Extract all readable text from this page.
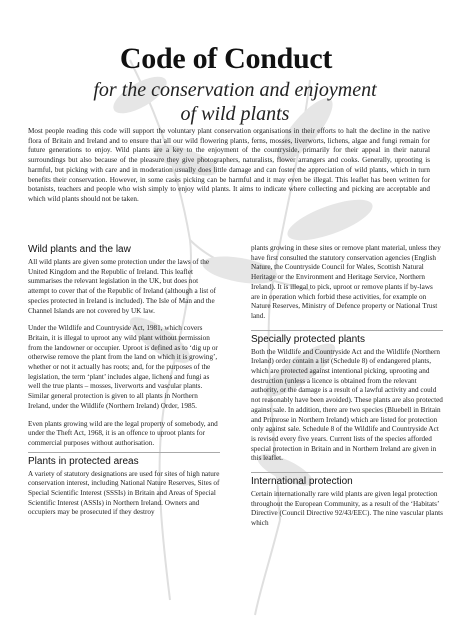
Code of Conduct
for the conservation and enjoyment
of wild plants
Most people reading this code will support the voluntary plant conservation organisations in their efforts to halt the decline in the native flora of Britain and Ireland and to ensure that all our wild flowering plants, ferns, mosses, liverworts, lichens, algae and fungi remain for future generations to enjoy. Wild plants are a key to the enjoyment of the countryside, primarily for their appeal in their natural surroundings but also because of the pleasure they give photographers, naturalists, flower arrangers and cooks. Generally, uprooting is harmful, but picking with care and in moderation usually does little damage and can foster the appreciation of wild plants, which in turn benefits their conservation. However, in some cases picking can be harmful and it may even be illegal. This leaflet has been written for botanists, teachers and people who wish simply to enjoy wild plants. It aims to indicate where collecting and picking are acceptable and which wild plants should not be taken.
Wild plants and the law

All wild plants are given some protection under the laws of the United Kingdom and the Republic of Ireland. This leaflet summarises the relevant legislation in the UK, but does not attempt to cover that of the Republic of Ireland (although a list of species protected in Ireland is included). The Isle of Man and the Channel Islands are not covered by UK law.

Under the Wildlife and Countryside Act, 1981, which covers Britain, it is illegal to uproot any wild plant without permission from the landowner or occupier. Uproot is defined as to ‘dig up or otherwise remove the plant from the land on which it is growing’, whether or not it actually has roots; and, for the purposes of the legislation, the term ‘plant’ includes algae, lichens and fungi as well the true plants – mosses, liverworts and vascular plants. Similar general protection is given to all plants in Northern Ireland, under the Wildlife (Northern Ireland) Order, 1985.

Even plants growing wild are the legal property of somebody, and under the Theft Act, 1968, it is an offence to uproot plants for commercial purposes without authorisation.

Plants in protected areas

A variety of statutory designations are used for sites of high nature conservation interest, including National Nature Reserves, Sites of Special Scientific Interest (SSSIs) in Britain and Areas of Special Scientific Interest (ASSIs) in Northern Ireland. Owners and occupiers may be prosecuted if they destroy

plants growing in these sites or remove plant material, unless they have first consulted the statutory conservation agencies (English Nature, the Countryside Council for Wales, Scottish Natural Heritage or the Environment and Heritage Service, Northern Ireland). It is illegal to pick, uproot or remove plants if by-laws are in operation which forbid these activities, for example on Nature Reserves, Ministry of Defence property or National Trust land.

Specially protected plants

Both the Wildlife and Countryside Act and the Wildlife (Northern Ireland) order contain a list (Schedule 8) of endangered plants, which are protected against intentional picking, uprooting and destruction (unless a licence is obtained from the relevant authority, or the damage is a result of a lawful activity and could not reasonably have been avoided). These plants are also protected against sale. In addition, there are two species (Bluebell in Britain and Primrose in Northern Ireland) which are listed for protection only against sale. Schedule 8 of the Wildlife and Countryside Act is revised every five years. Current lists of the species afforded special protection in Britain and in Northern Ireland are given in this leaflet.

International protection

Certain internationally rare wild plants are given legal protection throughout the European Community, as a result of the ‘Habitats’ Directive (Council Directive 92/43/EEC). The nine vascular plants which
